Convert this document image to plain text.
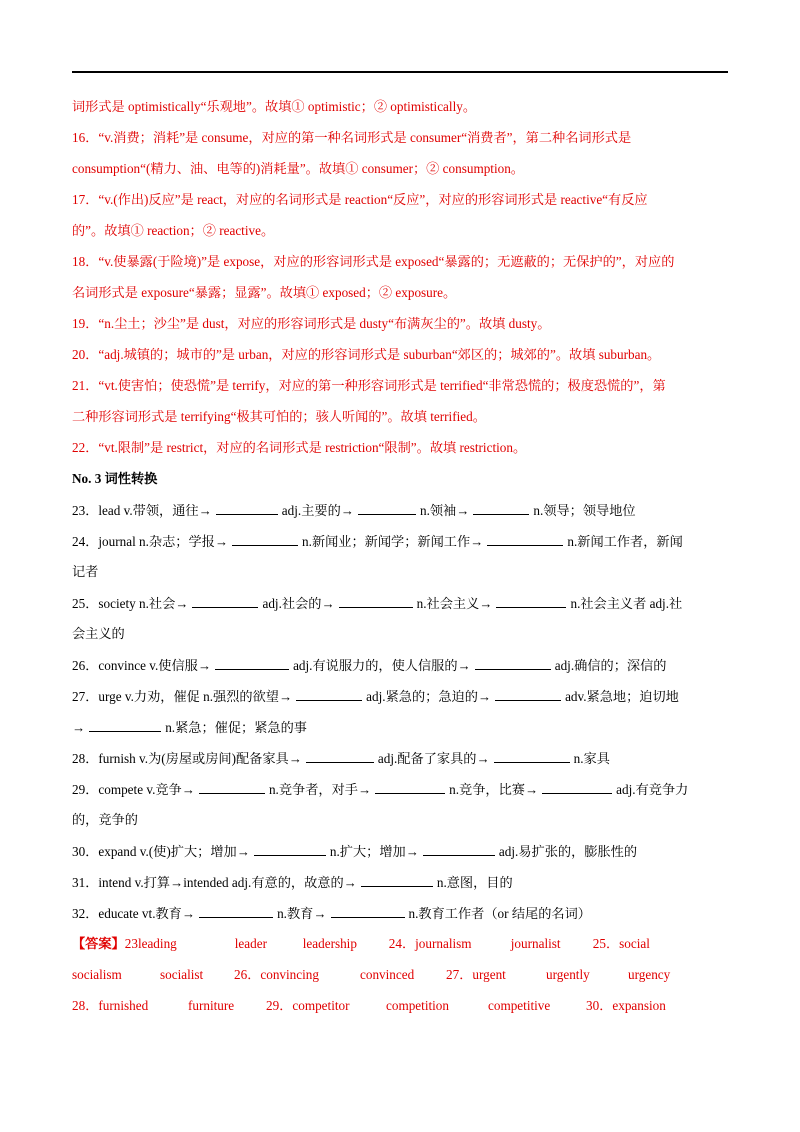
词形式是 optimistically“乐观地”。故填① optimistic；② optimistically。
16．“v.消费；消耗”是 consume，对应的第一种名词形式是 consumer“消费者”，第二种名词形式是
consumption“(精力、油、电等的)消耗量”。故填① consumer；② consumption。
17．“v.(作出)反应”是 react，对应的名词形式是 reaction“反应”，对应的形容词形式是 reactive“有反应
的”。故填① reaction；② reactive。
18．“v.使暴露(于险境)”是 expose，对应的形容词形式是 exposed“暴露的；无遮蔽的；无保护的”，对应的
名词形式是 exposure“暴露；显露”。故填① exposed；② exposure。
19．“n.尘土；沙尘”是 dust，对应的形容词形式是 dusty“布满灰尘的”。故填 dusty。
20．“adj.城镇的；城市的”是 urban，对应的形容词形式是 suburban“郊区的；城郊的”。故填 suburban。
21．“vt.使害怕；使恐慌”是 terrify，对应的第一种形容词形式是 terrified“非常恐慌的；极度恐慌的”，第
二种形容词形式是 terrifying“极其可怕的；骇人听闻的”。故填 terrified。
22．“vt.限制”是 restrict，对应的名词形式是 restriction“限制”。故填 restriction。
No. 3 词性转换
23．lead v.带领，通往→	adj.主要的→	n.领袖→	n.领导；领导地位
24．journal n.杂志；学报→	n.新闻业；新闻学；新闻工作→	n.新闻工作者，新闻
记者
25．society n.社会→	adj.社会的→	n.社会主义→	n.社会主义者 adj.社
会主义的
26．convince v.使信服→	adj.有说服力的，使人信服的→	adj.确信的；深信的
27．urge v.力劝，催促 n.强烈的欲望→	adj.紧急的；急迫的→	adv.紧急地；迫切地
→	n.紧急；催促；紧急的事
28．furnish v.为(房屋或房间)配备家具→	adj.配备了家具的→	n.家具
29．compete v.竞争→	n.竞争者，对手→	n.竞争，比赛→	adj.有竞争力
的，竞争的
30．expand v.(使)扩大；增加→	n.扩大；增加→	adj.易扩张的，膨胀性的
31．intend v.打算→intended adj.有意的，故意的→	n.意图，目的
32．educate vt.教育→	n.教育→	n.教育工作者（or 结尾的名词）
【答案】23leading	leader	leadership 24．journalism	journalist 25．social
socialism	socialist 26．convincing	convinced 27．urgent	urgently	urgency
28．furnished	furniture 29．competitor	competition	competitive	30．expansion
